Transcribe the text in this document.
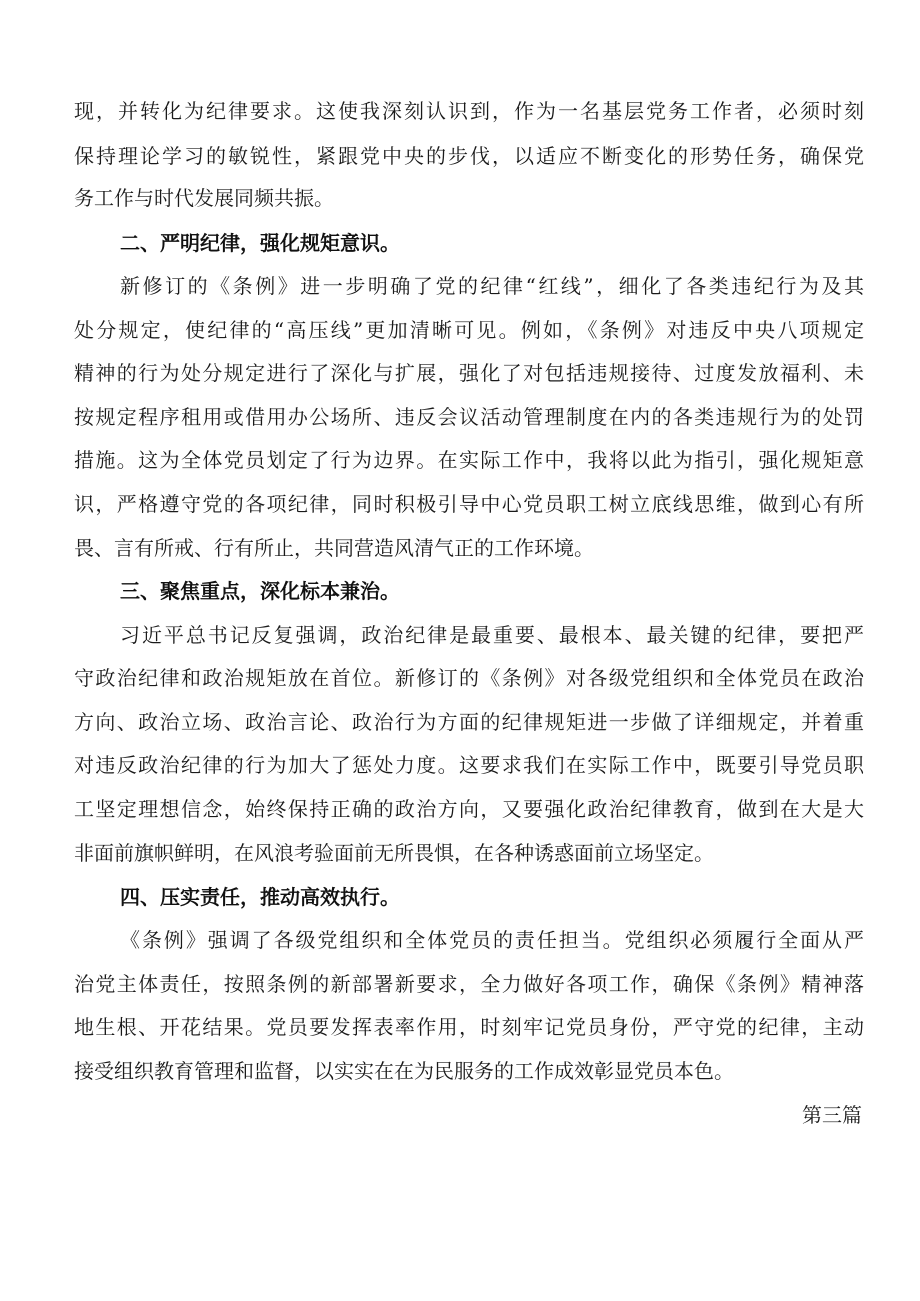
现，并转化为纪律要求。这使我深刻认识到，作为一名基层党务工作者，必须时刻

保持理论学习的敏锐性，紧跟党中央的步伐，以适应不断变化的形势任务，确保党

务工作与时代发展同频共振。

二、严明纪律，强化规矩意识。

新修订的《条例》进一步明确了党的纪律“红线”，细化了各类违纪行为及其

处分规定，使纪律的“高压线”更加清晰可见。例如，《条例》对违反中央八项规定

精神的行为处分规定进行了深化与扩展，强化了对包括违规接待、过度发放福利、未

按规定程序租用或借用办公场所、违反会议活动管理制度在内的各类违规行为的处罚

措施。这为全体党员划定了行为边界。在实际工作中，我将以此为指引，强化规矩意

识，严格遵守党的各项纪律，同时积极引导中心党员职工树立底线思维，做到心有所

畏、言有所戒、行有所止，共同营造风清气正的工作环境。

三、聚焦重点，深化标本兼治。

习近平总书记反复强调，政治纪律是最重要、最根本、最关键的纪律，要把严

守政治纪律和政治规矩放在首位。新修订的《条例》对各级党组织和全体党员在政治

方向、政治立场、政治言论、政治行为方面的纪律规矩进一步做了详细规定，并着重

对违反政治纪律的行为加大了惩处力度。这要求我们在实际工作中，既要引导党员职

工坚定理想信念，始终保持正确的政治方向，又要强化政治纪律教育，做到在大是大

非面前旗帜鲜明，在风浪考验面前无所畏惧，在各种诱惑面前立场坚定。

四、压实责任，推动高效执行。

《条例》强调了各级党组织和全体党员的责任担当。党组织必须履行全面从严

治党主体责任，按照条例的新部署新要求，全力做好各项工作，确保《条例》精神落

地生根、开花结果。党员要发挥表率作用，时刻牢记党员身份，严守党的纪律，主动

接受组织教育管理和监督，以实实在在为民服务的工作成效彰显党员本色。

第三篇
